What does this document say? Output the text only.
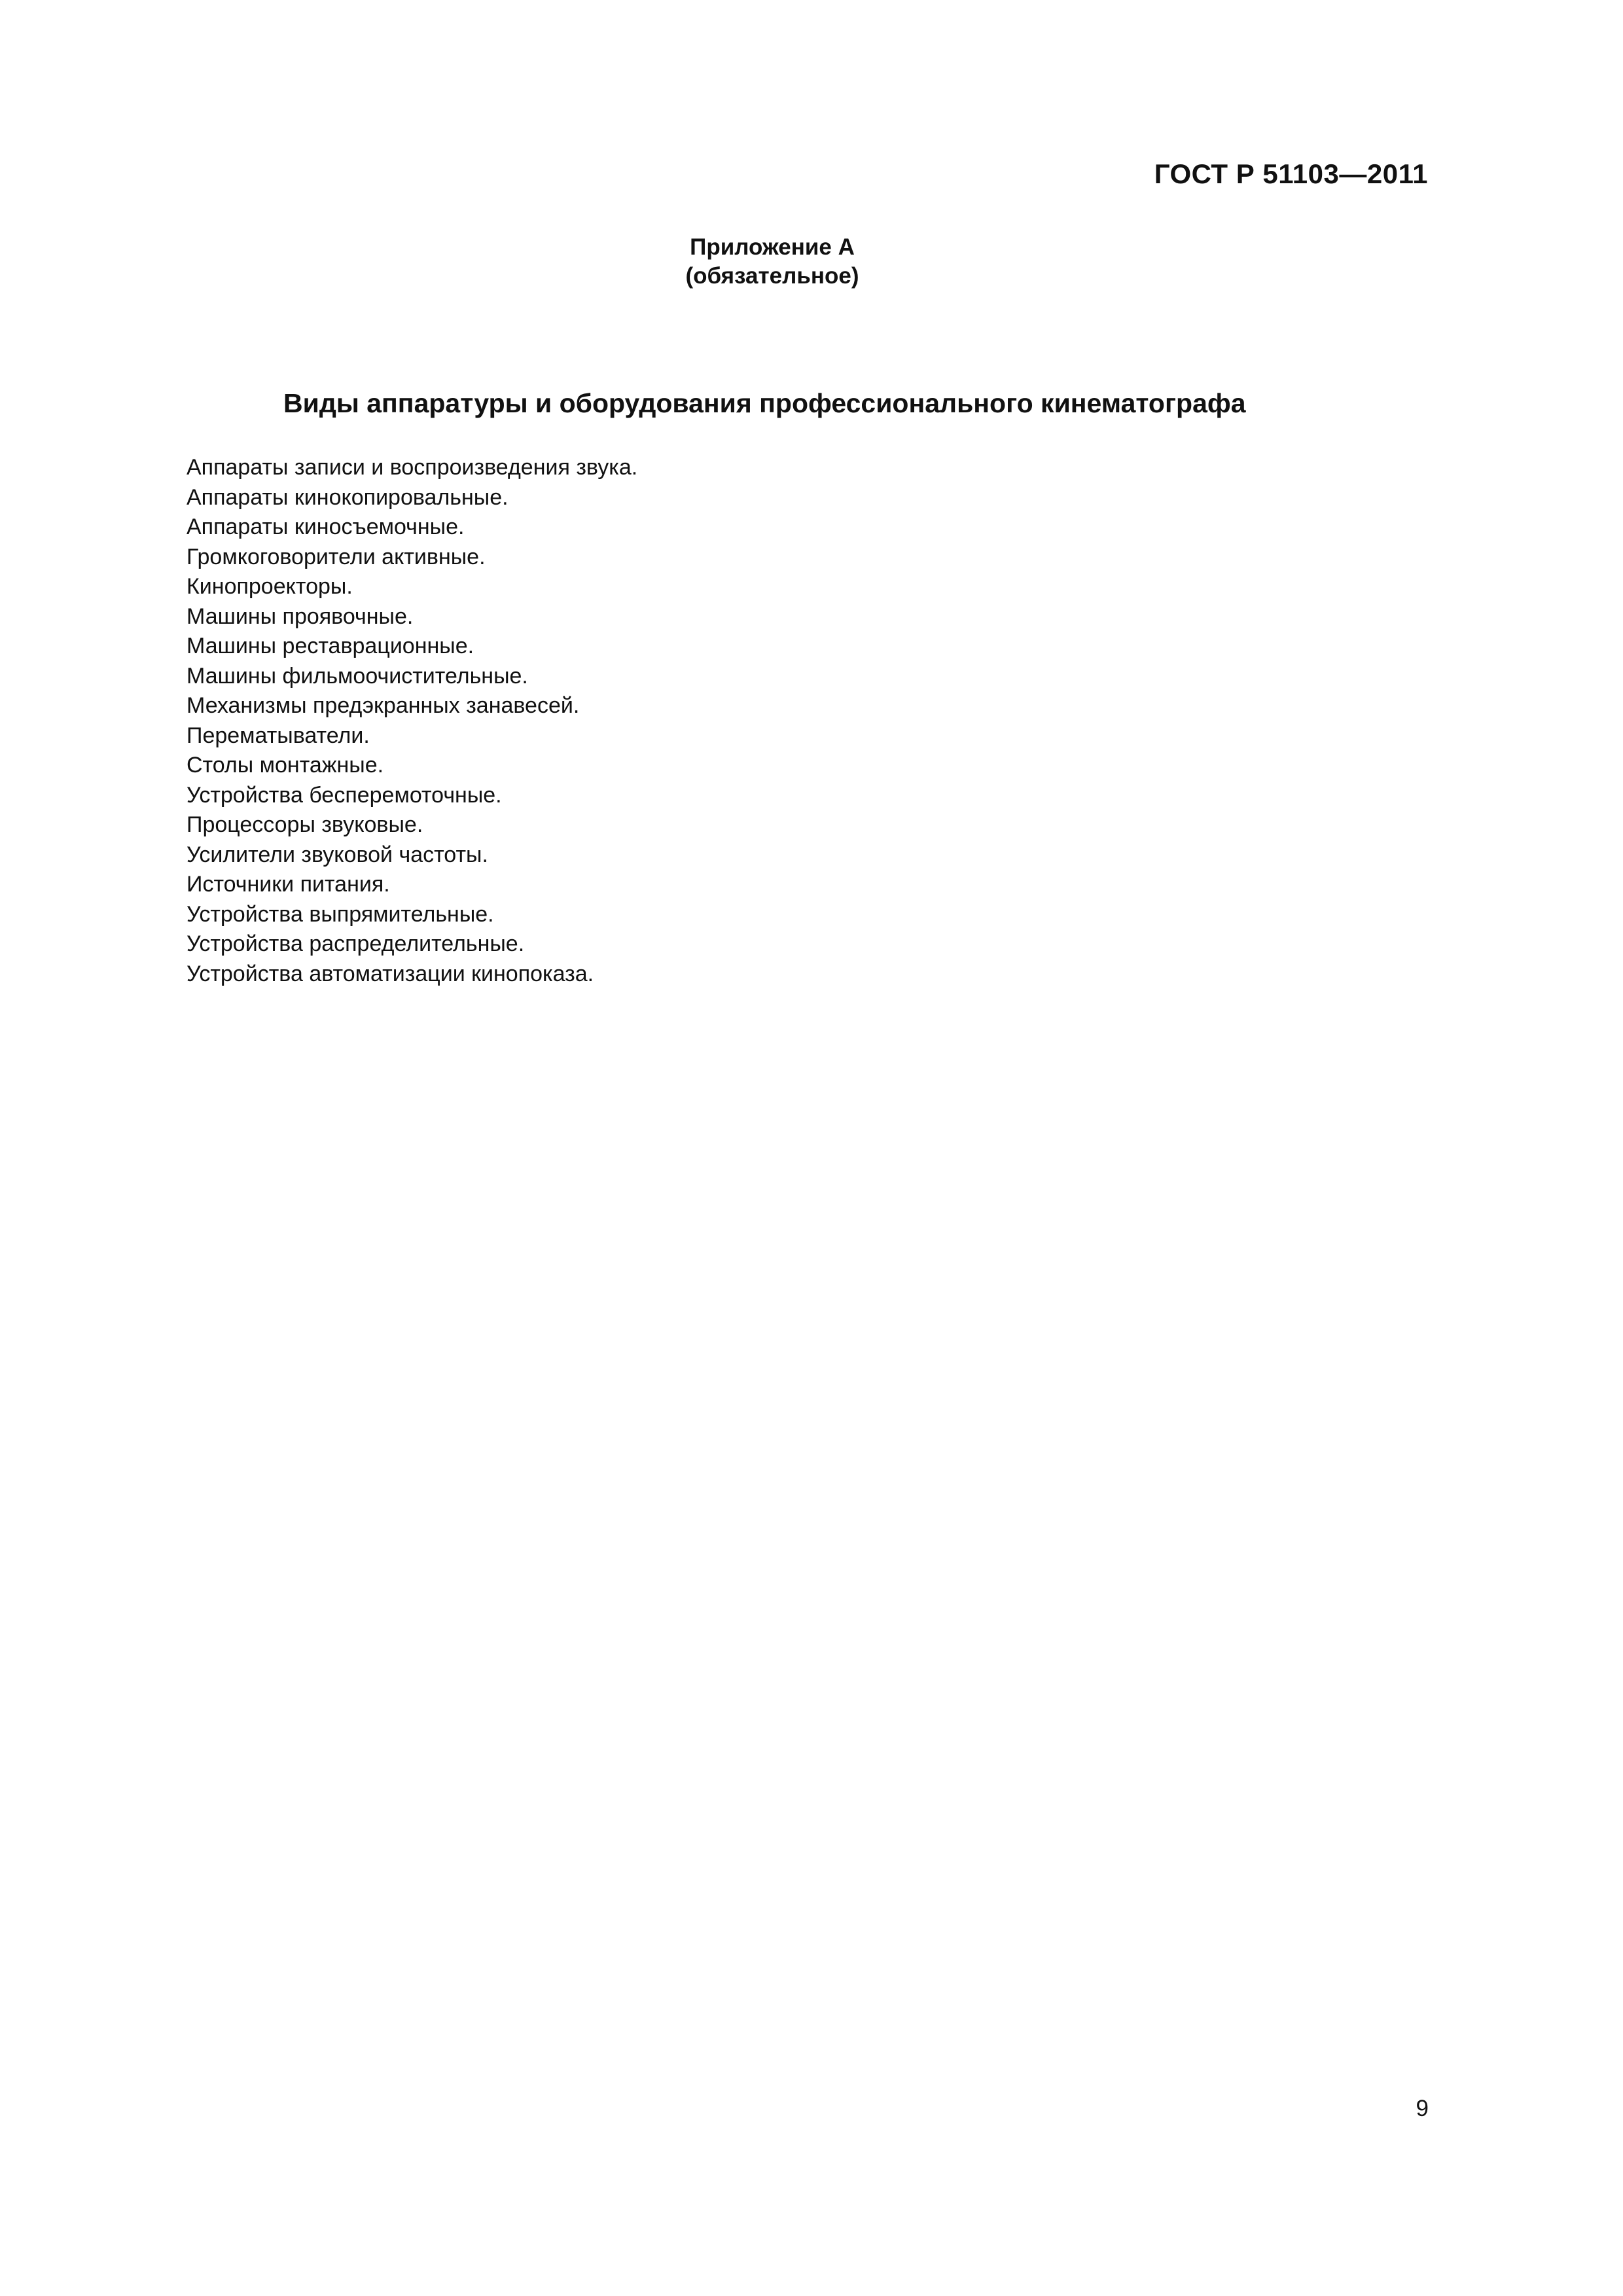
ГОСТ Р 51103—2011
Приложение А
(обязательное)
Виды аппаратуры и оборудования профессионального кинематографа
Аппараты записи и воспроизведения звука.
Аппараты кинокопировальные.
Аппараты киносъемочные.
Громкоговорители активные.
Кинопроекторы.
Машины проявочные.
Машины реставрационные.
Машины фильмоочистительные.
Механизмы предэкранных занавесей.
Перематыватели.
Столы монтажные.
Устройства бесперемоточные.
Процессоры звуковые.
Усилители звуковой частоты.
Источники питания.
Устройства выпрямительные.
Устройства распределительные.
Устройства автоматизации кинопоказа.
9
